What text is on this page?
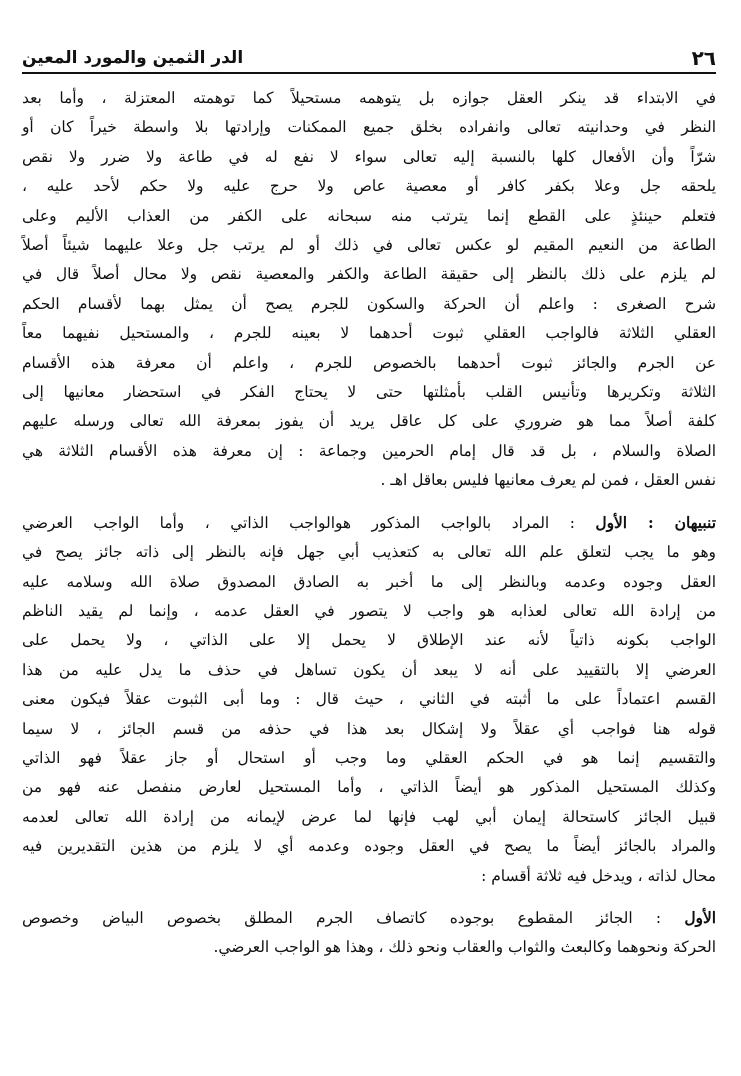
٢٦
الدر الثمين والمورد المعين

في الابتداء قد ينكر العقل جوازه بل يتوهمه مستحيلاً كما توهمته المعتزلة ، وأما بعد
النظر في وحدانيته تعالى وانفراده بخلق جميع الممكنات وإرادتها بلا واسطة خيراً كان أو
شرّاً وأن الأفعال كلها بالنسبة إليه تعالى سواء لا نفع له في طاعة ولا ضرر ولا نقص
يلحقه جل وعلا بكفر كافر أو معصية عاص ولا حرج عليه ولا حكم لأحد عليه ،
فتعلم حينئذٍ على القطع إنما يترتب منه سبحانه على الكفر من العذاب الأليم وعلى
الطاعة من النعيم المقيم لو عكس تعالى في ذلك أو لم يرتب جل وعلا عليهما شيئاً أصلاً
لم يلزم على ذلك بالنظر إلى حقيقة الطاعة والكفر والمعصية نقص ولا محال أصلاً قال في
شرح الصغرى : واعلم أن الحركة والسكون للجرم يصح أن يمثل بهما لأقسام الحكم
العقلي الثلاثة فالواجب العقلي ثبوت أحدهما لا بعينه للجرم ، والمستحيل نفيهما معاً
عن الجرم والجائز ثبوت أحدهما بالخصوص للجرم ، واعلم أن معرفة هذه الأقسام
الثلاثة وتكريرها وتأنيس القلب بأمثلتها حتى لا يحتاج الفكر في استحضار معانيها إلى
كلفة أصلاً مما هو ضروري على كل عاقل يريد أن يفوز بمعرفة الله تعالى ورسله عليهم
الصلاة والسلام ، بل قد قال إمام الحرمين وجماعة : إن معرفة هذه الأقسام الثلاثة هي
نفس العقل ، فمن لم يعرف معانيها فليس بعاقل اهـ .

تنبيهان : الأول : المراد بالواجب المذكور هوالواجب الذاتي ، وأما الواجب العرضي
وهو ما يجب لتعلق علم الله تعالى به كتعذيب أبي جهل فإنه بالنظر إلى ذاته جائز يصح في
العقل وجوده وعدمه وبالنظر إلى ما أخبر به الصادق المصدوق صلاة الله وسلامه عليه
من إرادة الله تعالى لعذابه هو واجب لا يتصور في العقل عدمه ، وإنما لم يقيد الناظم
الواجب بكونه ذاتياً لأنه عند الإطلاق لا يحمل إلا على الذاتي ، ولا يحمل على
العرضي إلا بالتقييد على أنه لا يبعد أن يكون تساهل في حذف ما يدل عليه من هذا
القسم اعتماداً على ما أثبته في الثاني ، حيث قال : وما أبى الثبوت عقلاً فيكون معنى
قوله هنا فواجب أي عقلاً ولا إشكال بعد هذا في حذفه من قسم الجائز ، لا سيما
والتقسيم إنما هو في الحكم العقلي وما وجب أو استحال أو جاز عقلاً فهو الذاتي
وكذلك المستحيل المذكور هو أيضاً الذاتي ، وأما المستحيل لعارض منفصل عنه فهو من
قبيل الجائز كاستحالة إيمان أبي لهب فإنها لما عرض لإيمانه من إرادة الله تعالى لعدمه
والمراد بالجائز أيضاً ما يصح في العقل وجوده وعدمه أي لا يلزم من هذين التقديرين فيه
محال لذاته ، ويدخل فيه ثلاثة أقسام :

الأول : الجائز المقطوع بوجوده كاتصاف الجرم المطلق بخصوص البياض وخصوص
الحركة ونحوهما وكالبعث والثواب والعقاب ونحو ذلك ، وهذا هو الواجب العرضي.
